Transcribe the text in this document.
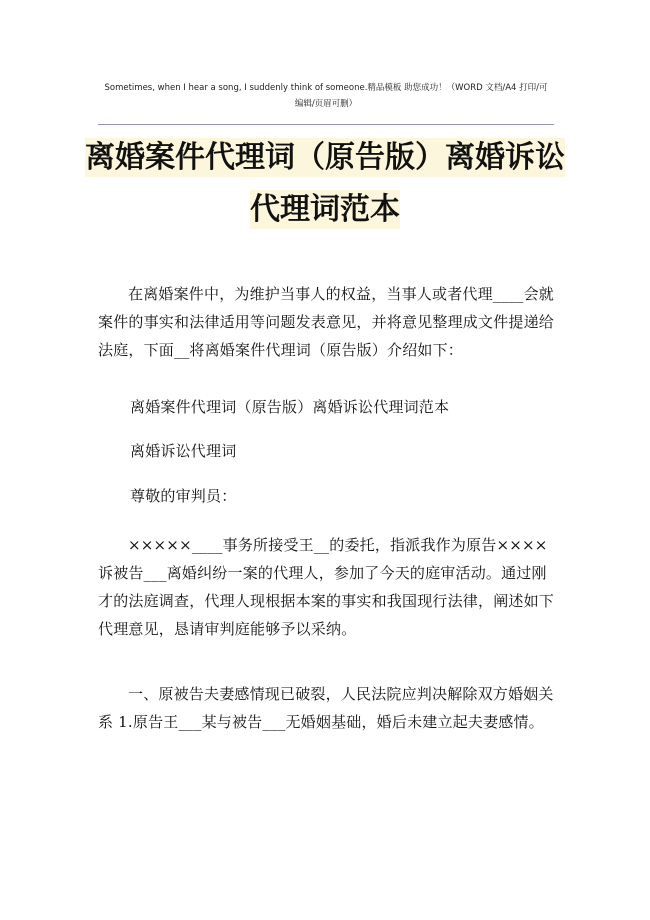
Sometimes, when I hear a song, I suddenly think of someone.精品模板 助您成功！（WORD 文档/A4 打印/可
编辑/页眉可删）
离婚案件代理词（原告版）离婚诉讼
代理词范本
在离婚案件中，为维护当事人的权益，当事人或者代理____会就案件的事实和法律适用等问题发表意见，并将意见整理成文件提递给法庭，下面__将离婚案件代理词（原告版）介绍如下：
离婚案件代理词（原告版）离婚诉讼代理词范本
离婚诉讼代理词
尊敬的审判员：
×××××____事务所接受王__的委托，指派我作为原告××××诉被告___离婚纠纷一案的代理人，参加了今天的庭审活动。通过刚才的法庭调查，代理人现根据本案的事实和我国现行法律，阐述如下代理意见，恳请审判庭能够予以采纳。
一、原被告夫妻感情现已破裂，人民法院应判决解除双方婚姻关系 1.原告王___某与被告___无婚姻基础，婚后未建立起夫妻感情。
